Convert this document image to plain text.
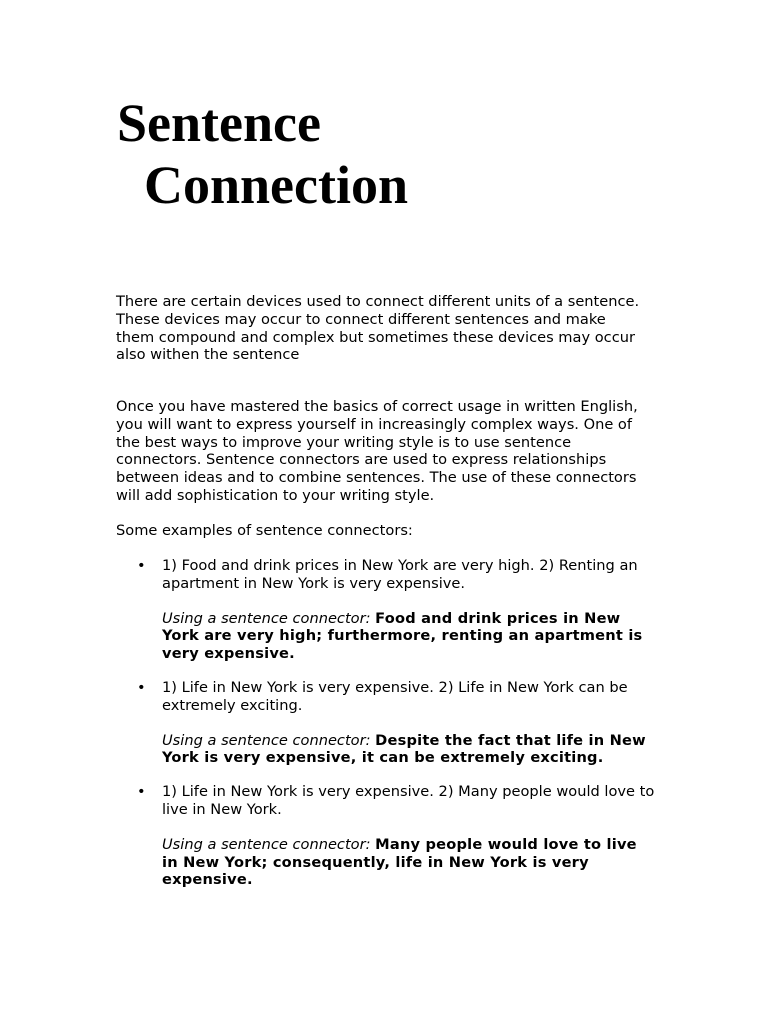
Sentence
Connection

There are certain devices used to connect different units of a sentence. These devices may occur to connect different sentences and make them compound and complex but sometimes these devices may occur also withen the sentence

Once you have mastered the basics of correct usage in written English, you will want to express yourself in increasingly complex ways. One of the best ways to improve your writing style is to use sentence connectors. Sentence connectors are used to express relationships between ideas and to combine sentences. The use of these connectors will add sophistication to your writing style.

Some examples of sentence connectors:

• 1) Food and drink prices in New York are very high. 2) Renting an apartment in New York is very expensive.

Using a sentence connector: Food and drink prices in New York are very high; furthermore, renting an apartment is very expensive.

• 1) Life in New York is very expensive. 2) Life in New York can be extremely exciting.

Using a sentence connector: Despite the fact that life in New York is very expensive, it can be extremely exciting.

• 1) Life in New York is very expensive. 2) Many people would love to live in New York.

Using a sentence connector: Many people would love to live in New York; consequently, life in New York is very expensive.
